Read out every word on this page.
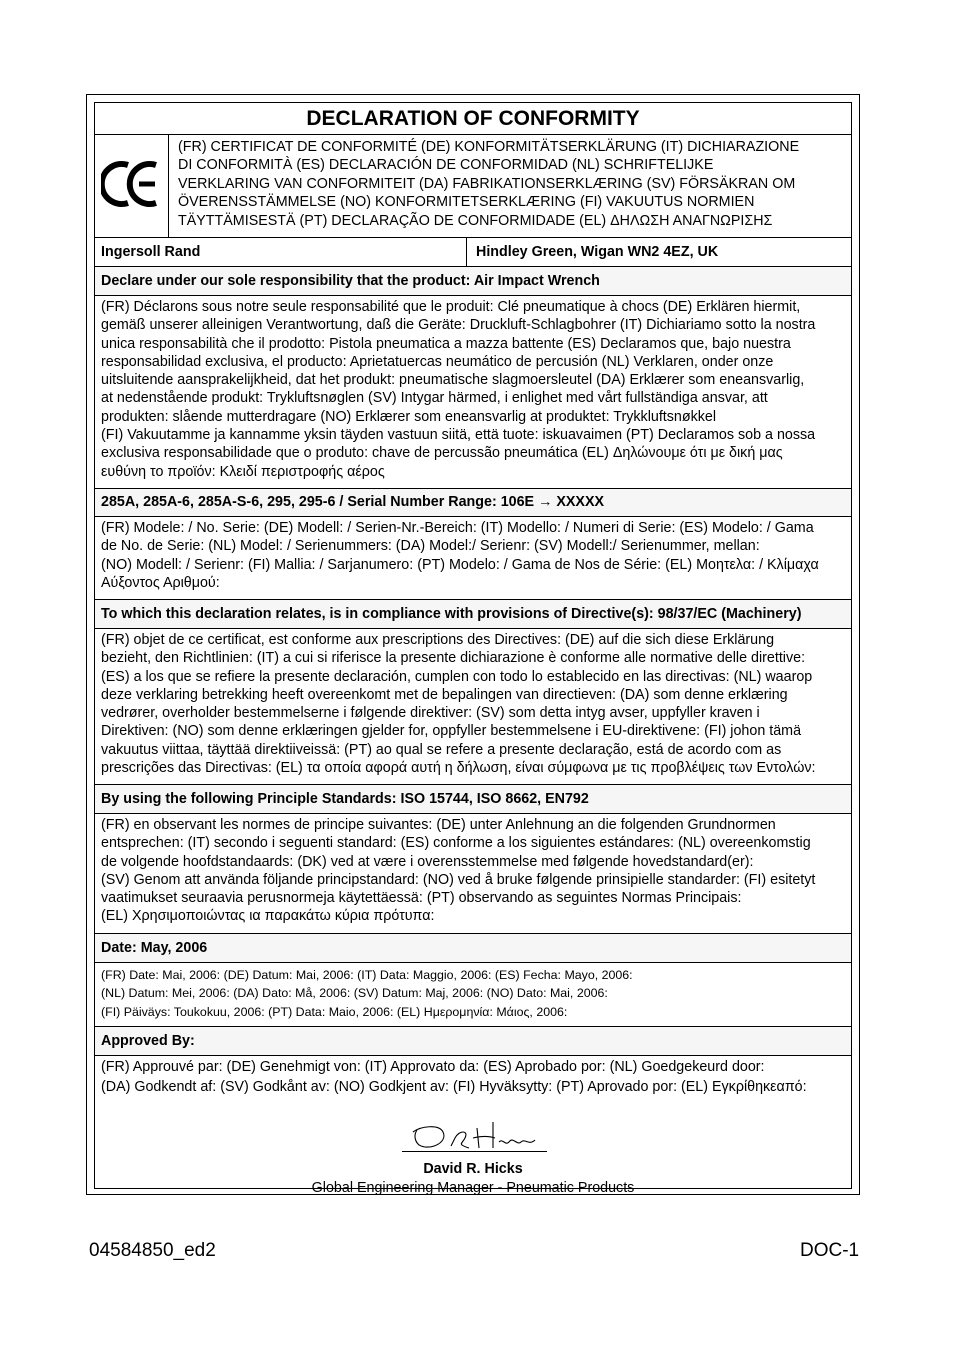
DECLARATION OF CONFORMITY
(FR) CERTIFICAT DE CONFORMITÉ (DE) KONFORMITÄTSERKLÄRUNG (IT) DICHIARAZIONE
DI CONFORMITÀ (ES) DECLARACIÓN DE CONFORMIDAD (NL) SCHRIFTELIJKE
VERKLARING VAN CONFORMITEIT (DA) FABRIKATIONSERKLÆRING (SV) FÖRSÄKRAN OM
ÖVERENSSTÄMMELSE (NO) KONFORMITETSERKLÆRING (FI) VAKUUTUS NORMIEN
TÄYTTÄMISESTÄ (PT) DECLARAÇÃO DE CONFORMIDADE (EL) ΔΗΛΩΣΗ ΑΝΑΓΝΩΡΙΣΗΣ
Ingersoll Rand	Hindley Green, Wigan WN2 4EZ, UK
Declare under our sole responsibility that the product: Air Impact Wrench
(FR) Déclarons sous notre seule responsabilité que le produit: Clé pneumatique à chocs (DE) Erklären hiermit,
gemäß unserer alleinigen Verantwortung, daß die Geräte: Druckluft-Schlagbohrer (IT) Dichiariamo sotto la nostra
unica responsabilità che il prodotto: Pistola pneumatica a mazza battente (ES) Declaramos que, bajo nuestra
responsabilidad exclusiva, el producto: Aprietatuercas neumático de percusión (NL) Verklaren, onder onze
uitsluitende aansprakelijkheid, dat het produkt: pneumatische slagmoersleutel (DA) Erklærer som eneansvarlig,
at nedenstående produkt: Trykluftsnøglen (SV) Intygar härmed, i enlighet med vårt fullständiga ansvar, att
produkten: slående mutterdragare (NO) Erklærer som eneansvarlig at produktet: Trykkluftsnøkkel
(FI) Vakuutamme ja kannamme yksin täyden vastuun siitä, että tuote: iskuavaimen (PT) Declaramos sob a nossa
exclusiva responsabilidade que o produto: chave de percussão pneumática (EL) Δηλώνουμε ότι με δική μας
ευθύνη το προϊόν: Κλειδί περιστροφής αέρος
285A, 285A-6, 285A-S-6, 295, 295-6 / Serial Number Range: 106E → XXXXX
(FR) Modele: / No. Serie: (DE) Modell: / Serien-Nr.-Bereich: (IT) Modello: / Numeri di Serie: (ES) Modelo: / Gama
de No. de Serie: (NL) Model: / Serienummers: (DA) Model:/ Serienr: (SV) Modell:/ Serienummer, mellan:
(NO) Modell: / Serienr: (FI) Mallia: / Sarjanumero: (PT) Modelo: / Gama de Nos de Série: (EL) Μοητελα: / Κλίμαχα
Αύξοντος Αριθμού:
To which this declaration relates, is in compliance with provisions of Directive(s): 98/37/EC (Machinery)
(FR) objet de ce certificat, est conforme aux prescriptions des Directives: (DE) auf die sich diese Erklärung
bezieht, den Richtlinien: (IT) a cui si riferisce la presente dichiarazione è conforme alle normative delle direttive:
(ES) a los que se refiere la presente declaración, cumplen con todo lo establecido en las directivas: (NL) waarop
deze verklaring betrekking heeft overeenkomt met de bepalingen van directieven: (DA) som denne erklæring
vedrører, overholder bestemmelserne i følgende direktiver: (SV) som detta intyg avser, uppfyller kraven i
Direktiven: (NO) som denne erklæringen gjelder for, oppfyller bestemmelsene i EU-direktivene: (FI) johon tämä
vakuutus viittaa, täyttää direktiiveissä: (PT) ao qual se refere a presente declaração, está de acordo com as
prescrições das Directivas: (EL) τα οποία αφορά αυτή η δήλωση, είναι σύμφωνα με τις προβλέψεις των Εντολών:
By using the following Principle Standards: ISO 15744, ISO 8662, EN792
(FR) en observant les normes de principe suivantes: (DE) unter Anlehnung an die folgenden Grundnormen
entsprechen: (IT) secondo i seguenti standard: (ES) conforme a los siguientes estándares: (NL) overeenkomstig
de volgende hoofdstandaards: (DK) ved at være i overensstemmelse med følgende hovedstandard(er):
(SV) Genom att använda följande principstandard: (NO) ved å bruke følgende prinsipielle standarder: (FI) esitetyt
vaatimukset seuraavia perusnormeja käytettäessä: (PT) observando as seguintes Normas Principais:
(EL) Χρησιμοποιώντας ια παρακάτω κύρια πρότυπα:
Date: May, 2006
(FR) Date: Mai, 2006: (DE) Datum: Mai, 2006: (IT) Data: Maggio, 2006: (ES) Fecha: Mayo, 2006:
(NL) Datum: Mei, 2006: (DA) Dato: Må, 2006: (SV) Datum: Maj, 2006: (NO) Dato: Mai, 2006:
(FI) Päiväys: Toukokuu, 2006: (PT) Data: Maio, 2006: (EL) Ημερομηνία: Μάιος, 2006:
Approved By:
(FR) Approuvé par: (DE) Genehmigt von: (IT) Approvato da: (ES) Aprobado por: (NL) Goedgekeurd door:
(DA) Godkendt af: (SV) Godkånt av: (NO) Godkjent av: (FI) Hyväksytty: (PT) Aprovado por: (EL) Εγκρίθηκεαπό:
David R. Hicks
Global Engineering Manager - Pneumatic Products
04584850_ed2	DOC-1
